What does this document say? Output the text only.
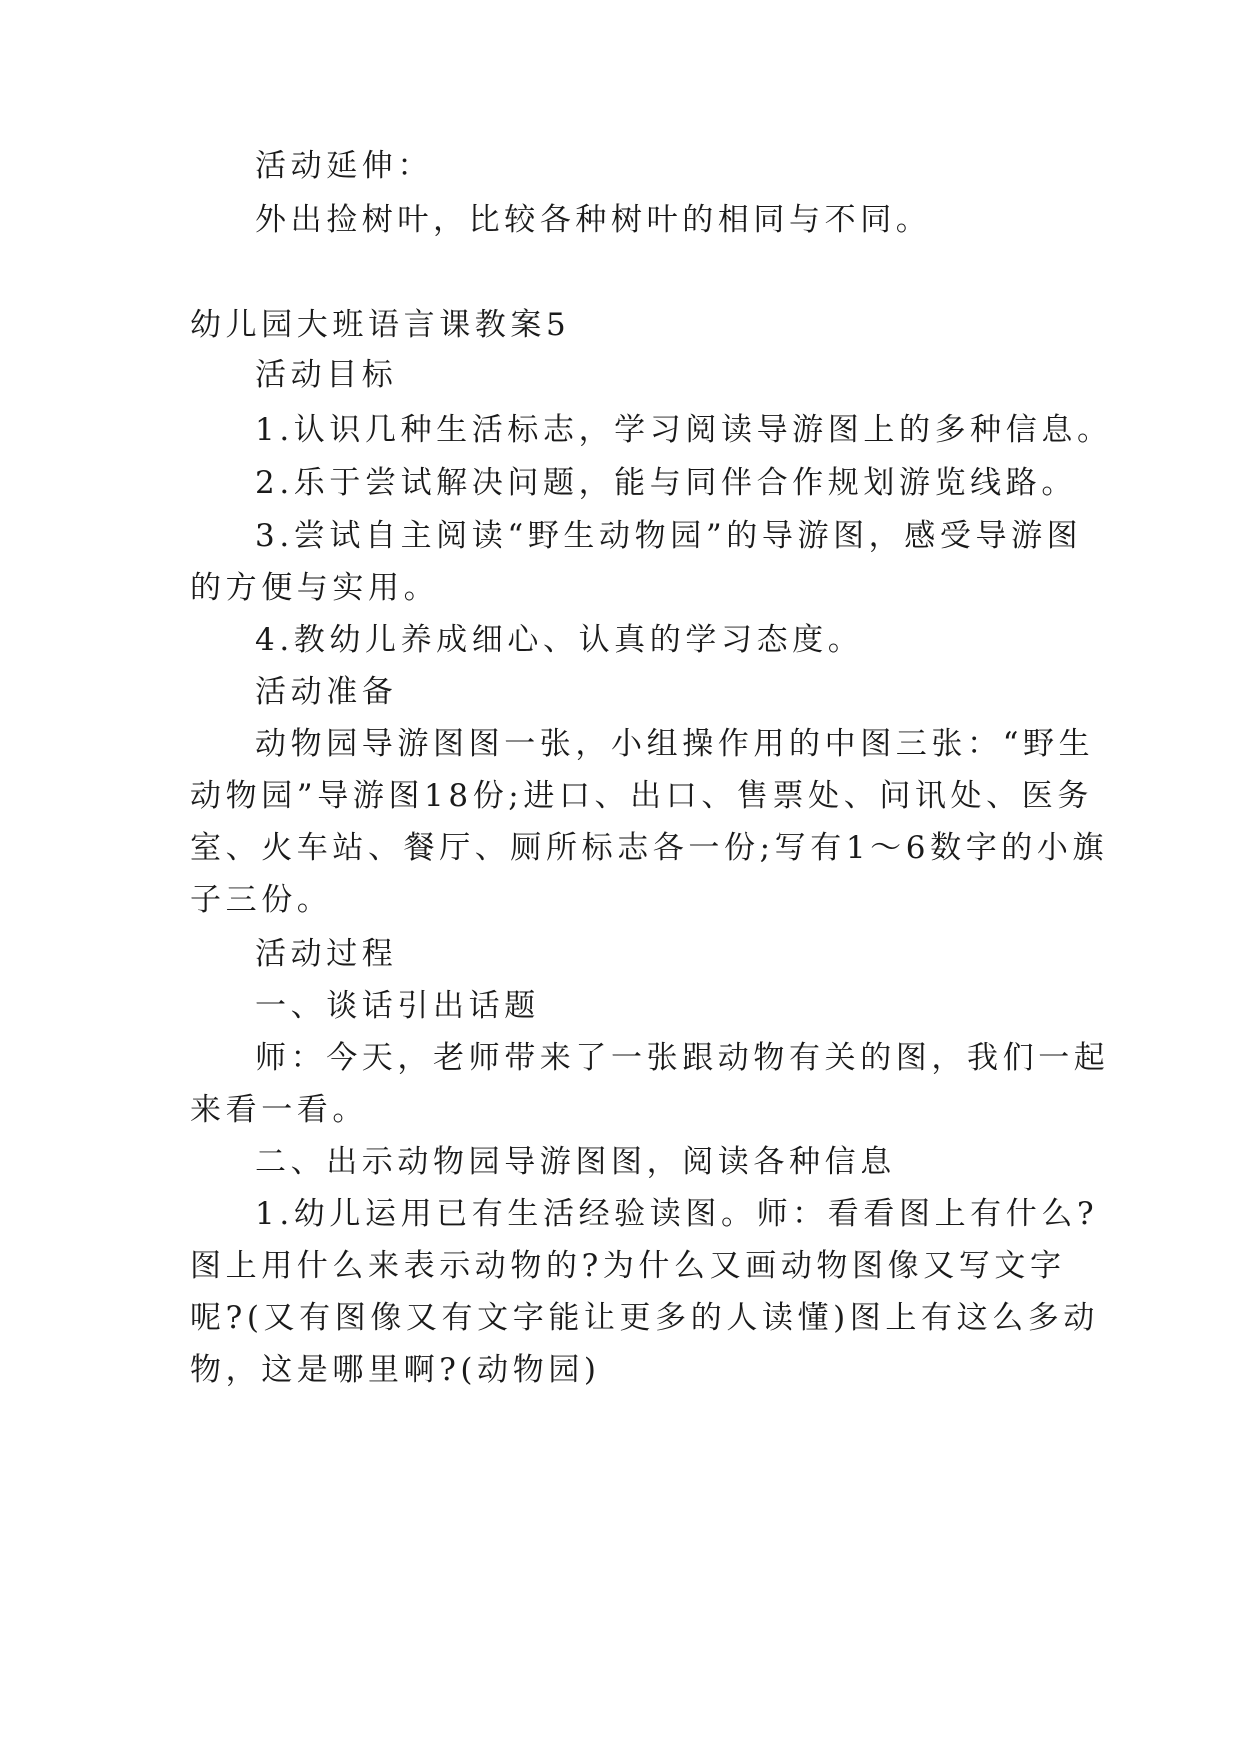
活动延伸：
外出捡树叶，比较各种树叶的相同与不同。
幼儿园大班语言课教案5
活动目标
1.认识几种生活标志，学习阅读导游图上的多种信息。
2.乐于尝试解决问题，能与同伴合作规划游览线路。
3.尝试自主阅读“野生动物园”的导游图，感受导游图
的方便与实用。
4.教幼儿养成细心、认真的学习态度。
活动准备
动物园导游图图一张，小组操作用的中图三张：“野生
动物园”导游图18份;进口、出口、售票处、问讯处、医务
室、火车站、餐厅、厕所标志各一份;写有1～6数字的小旗
子三份。
活动过程
一、谈话引出话题
师：今天，老师带来了一张跟动物有关的图，我们一起
来看一看。
二、出示动物园导游图图，阅读各种信息
1.幼儿运用已有生活经验读图。师：看看图上有什么?
图上用什么来表示动物的?为什么又画动物图像又写文字
呢?(又有图像又有文字能让更多的人读懂)图上有这么多动
物，这是哪里啊?(动物园)
